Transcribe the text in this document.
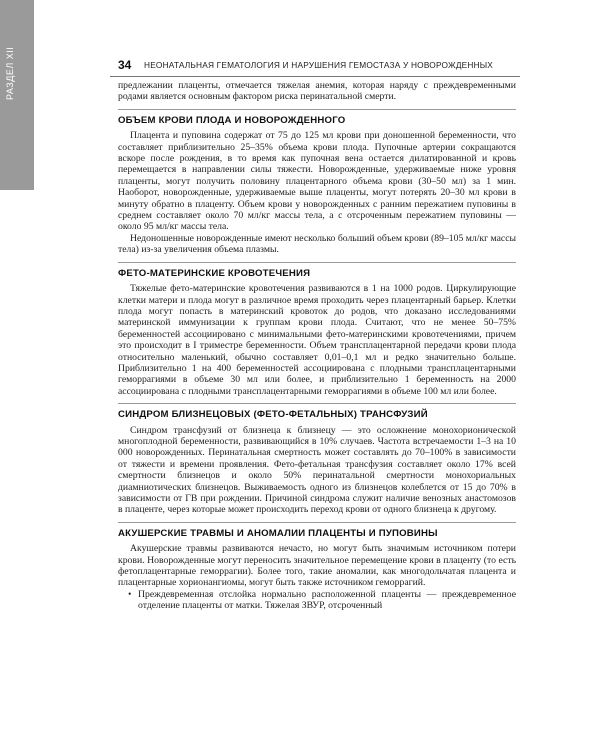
РАЗДЕЛ XII	34 НЕОНАТАЛЬНАЯ ГЕМАТОЛОГИЯ И НАРУШЕНИЯ ГЕМОСТАЗА У НОВОРОЖДЕННЫХ

предлежании плаценты, отмечается тяжелая анемия, которая наряду с преждевременными родами является основным фактором риска перинатальной смерти.

ОБЪЕМ КРОВИ ПЛОДА И НОВОРОЖДЕННОГО

Плацента и пуповина содержат от 75 до 125 мл крови при доношенной беременности, что составляет приблизительно 25–35% объема крови плода. Пупочные артерии сокращаются вскоре после рождения, в то время как пупочная вена остается дилатированной и кровь перемещается в направлении силы тяжести. Новорожденные, удерживаемые ниже уровня плаценты, могут получить половину плацентарного объема крови (30–50 мл) за 1 мин. Наоборот, новорожденные, удерживаемые выше плаценты, могут потерять 20–30 мл крови в минуту обратно в плаценту. Объем крови у новорожденных с ранним пережатием пуповины в среднем составляет около 70 мл/кг массы тела, а с отсроченным пережатием пуповины — около 95 мл/кг массы тела.

Недоношенные новорожденные имеют несколько больший объем крови (89–105 мл/кг массы тела) из-за увеличения объема плазмы.

ФЕТО-МАТЕРИНСКИЕ КРОВОТЕЧЕНИЯ

Тяжелые фето-материнские кровотечения развиваются в 1 на 1000 родов. Циркулирующие клетки матери и плода могут в различное время проходить через плацентарный барьер. Клетки плода могут попасть в материнский кровоток до родов, что доказано исследованиями материнской иммунизации к группам крови плода. Считают, что не менее 50–75% беременностей ассоциировано с минимальными фето-материнскими кровотечениями, причем это происходит в I триместре беременности. Объем трансплацентарной передачи крови плода относительно маленький, обычно составляет 0,01–0,1 мл и редко значительно больше. Приблизительно 1 на 400 беременностей ассоциирована с плодными трансплацентарными геморрагиями в объеме 30 мл или более, и приблизительно 1 беременность на 2000 ассоциирована с плодными трансплацентарными геморрагиями в объеме 100 мл или более.

СИНДРОМ БЛИЗНЕЦОВЫХ (ФЕТО-ФЕТАЛЬНЫХ) ТРАНСФУЗИЙ

Синдром трансфузий от близнеца к близнецу — это осложнение монохорионической многоплодной беременности, развивающийся в 10% случаев. Частота встречаемости 1–3 на 10 000 новорожденных. Перинатальная смертность может составлять до 70–100% в зависимости от тяжести и времени проявления. Фето-фетальная трансфузия составляет около 17% всей смертности близнецов и около 50% перинатальной смертности монохориальных диамниотических близнецов. Выживаемость одного из близнецов колеблется от 15 до 70% в зависимости от ГВ при рождении. Причиной синдрома служит наличие венозных анастомозов в плаценте, через которые может происходить переход крови от одного близнеца к другому.

АКУШЕРСКИЕ ТРАВМЫ И АНОМАЛИИ ПЛАЦЕНТЫ И ПУПОВИНЫ

Акушерские травмы развиваются нечасто, но могут быть значимым источником потери крови. Новорожденные могут переносить значительное перемещение крови в плаценту (то есть фетоплацентарные геморрагии). Более того, такие аномалии, как многодольчатая плацента и плацентарные хорионангиомы, могут быть также источником геморрагий.

• Преждевременная отслойка нормально расположенной плаценты — преждевременное отделение плаценты от матки. Тяжелая ЗВУР, отсроченный
